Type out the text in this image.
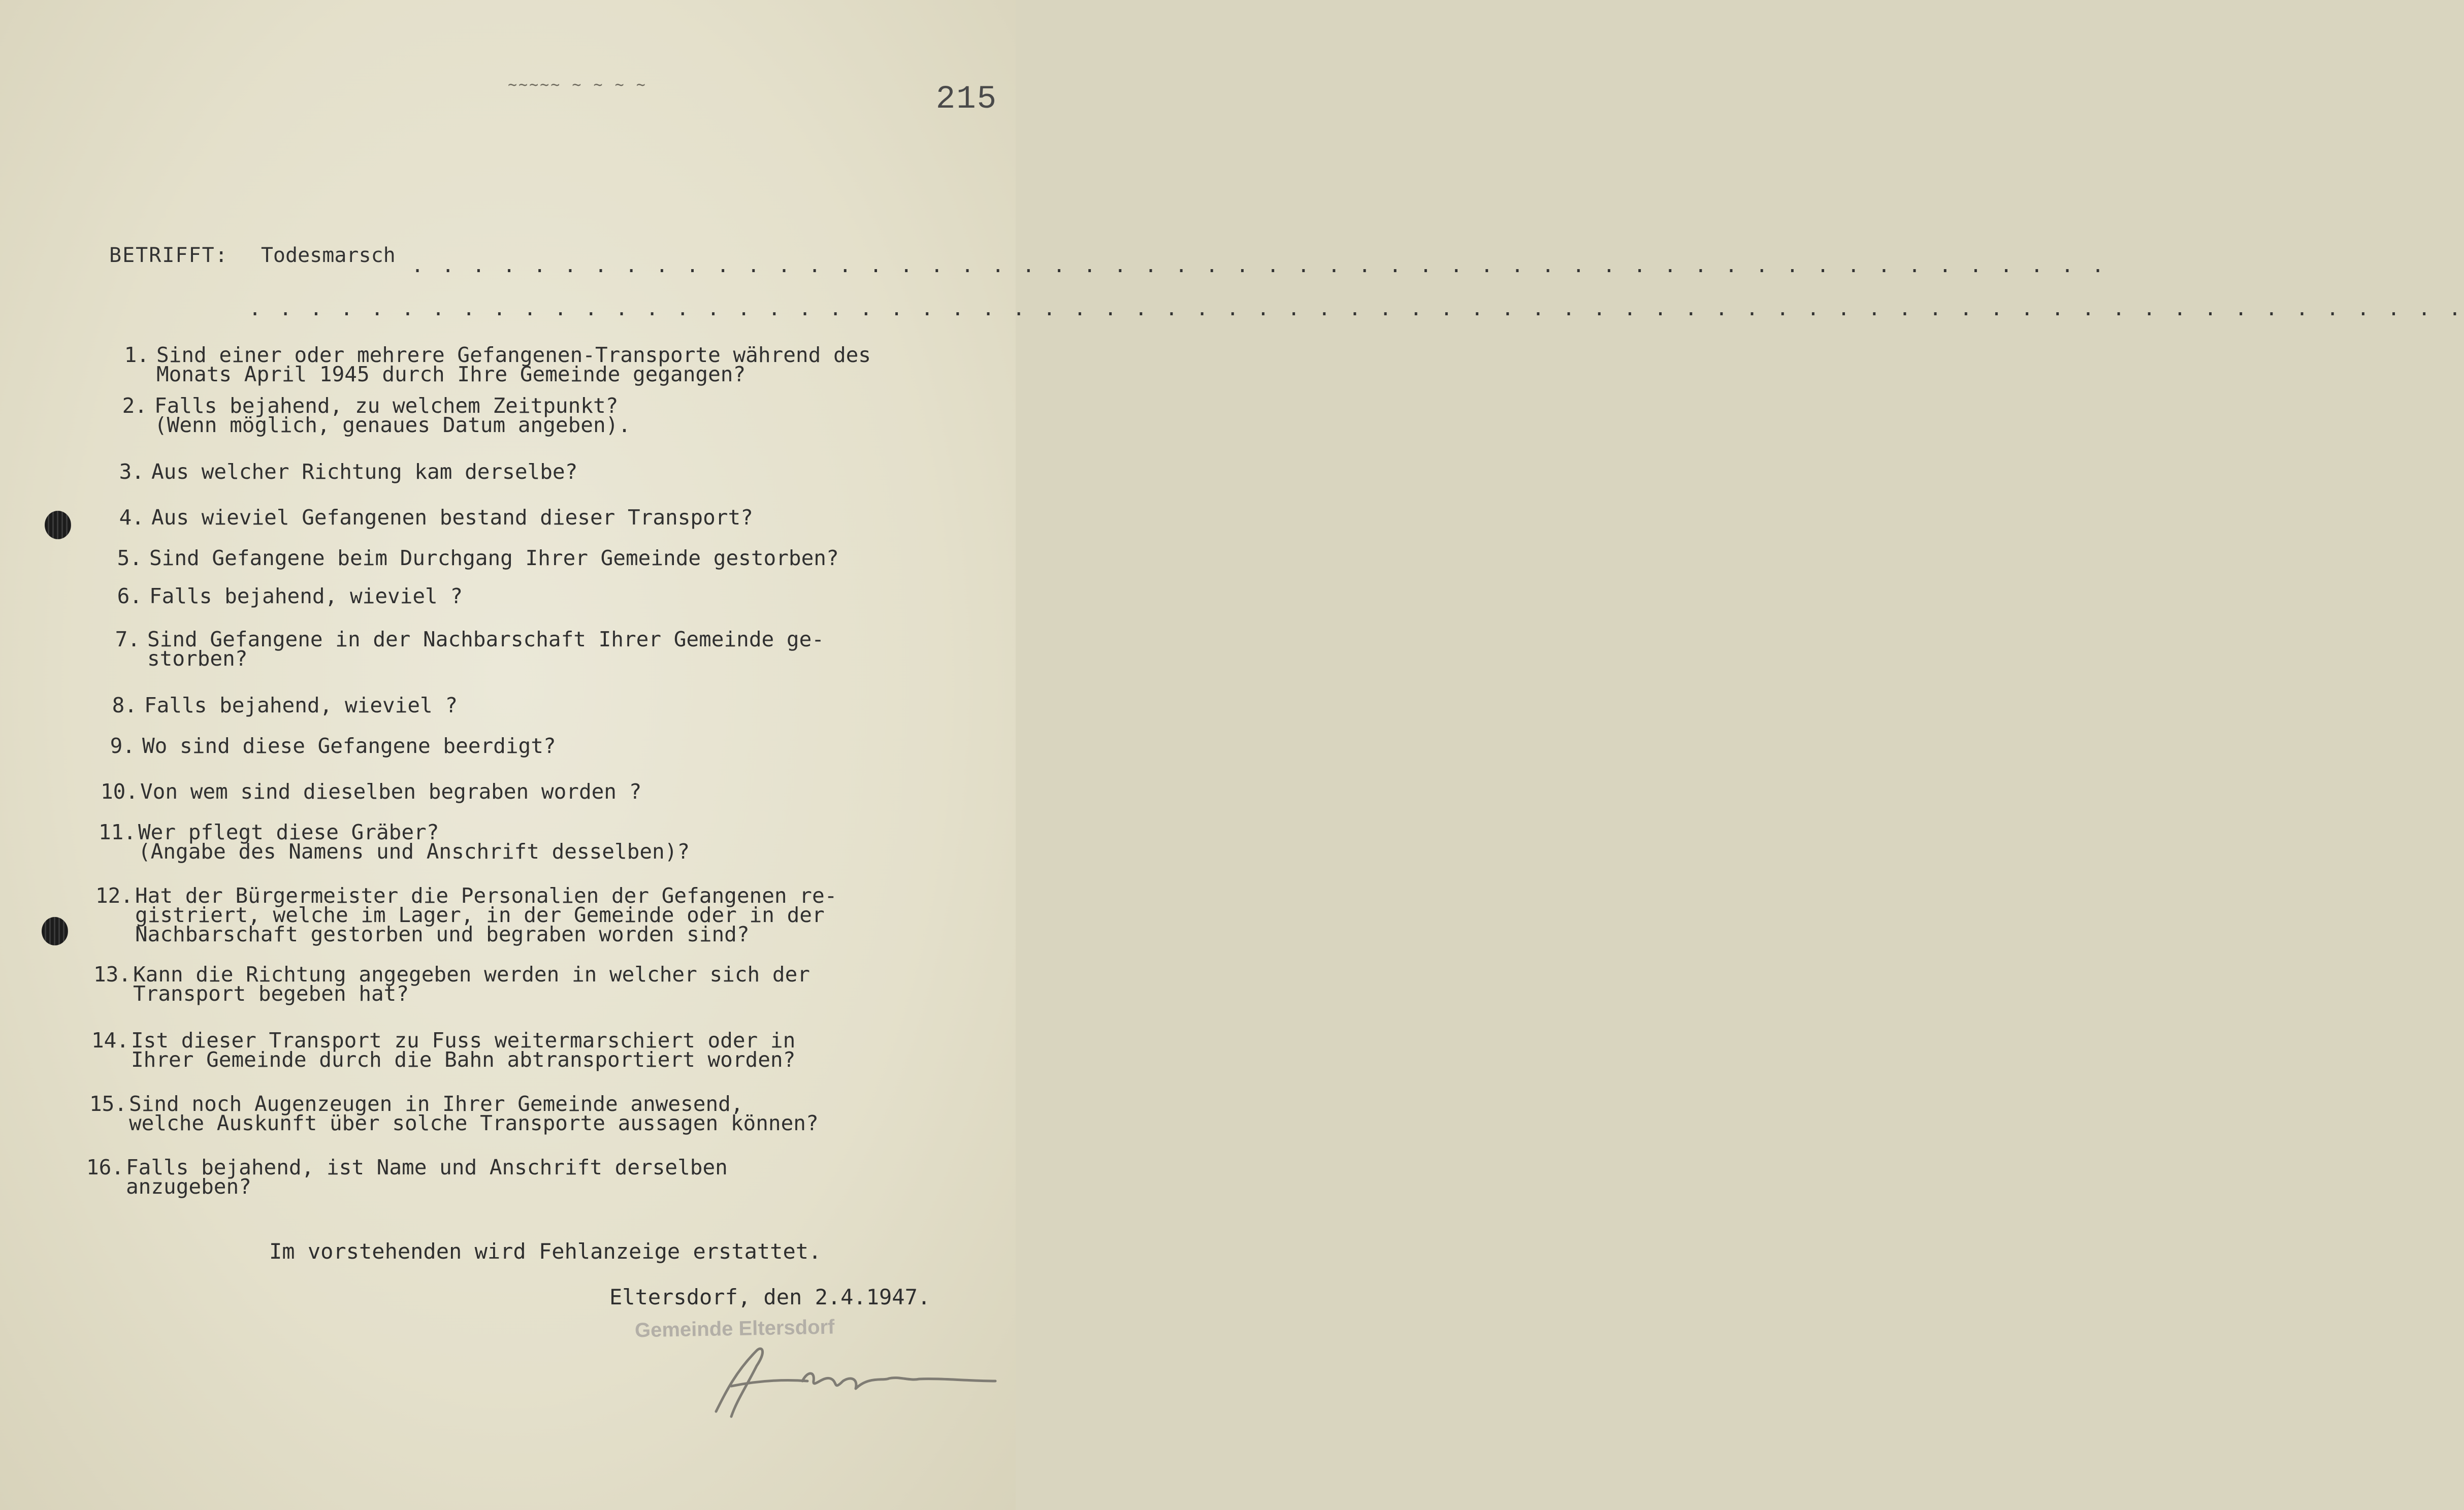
~~~~~ ~ ~ ~ ~	215
BETRIFFT: Todesmarsch . . . . . . . . . . . . . . . . . . . . . . . . . . . . . . . . . . . . . . . . . . . . . . . . . . . . . . . .
. . . . . . . . . . . . . . . . . . . . . . . . . . . . . . . . . . . . . . . . . . . . . . . . . . . . . . . . . . . . . . . . . . . . . . . . .
1. Sind einer oder mehrere Gefangenen-Transporte während des
Monats April 1945 durch Ihre Gemeinde gegangen?
2. Falls bejahend, zu welchem Zeitpunkt?
(Wenn möglich, genaues Datum angeben).
3. Aus welcher Richtung kam derselbe?
4. Aus wieviel Gefangenen bestand dieser Transport?
5. Sind Gefangene beim Durchgang Ihrer Gemeinde gestorben?
6. Falls bejahend, wieviel ?
7. Sind Gefangene in der Nachbarschaft Ihrer Gemeinde ge-
storben?
8. Falls bejahend, wieviel ?
9. Wo sind diese Gefangene beerdigt?
10.Von wem sind dieselben begraben worden ?
11.Wer pflegt diese Gräber?
(Angabe des Namens und Anschrift desselben)?
12.Hat der Bürgermeister die Personalien der Gefangenen re-
gistriert, welche im Lager, in der Gemeinde oder in der
Nachbarschaft gestorben und begraben worden sind?
13.Kann die Richtung angegeben werden in welcher sich der
Transport begeben hat?
14.Ist dieser Transport zu Fuss weitermarschiert oder in
Ihrer Gemeinde durch die Bahn abtransportiert worden?
15.Sind noch Augenzeugen in Ihrer Gemeinde anwesend,
welche Auskunft über solche Transporte aussagen können?
16.Falls bejahend, ist Name und Anschrift derselben
anzugeben?
Im vorstehenden wird Fehlanzeige erstattet.
Eltersdorf, den 2.4.1947.
Gemeinde Eltersdorf
